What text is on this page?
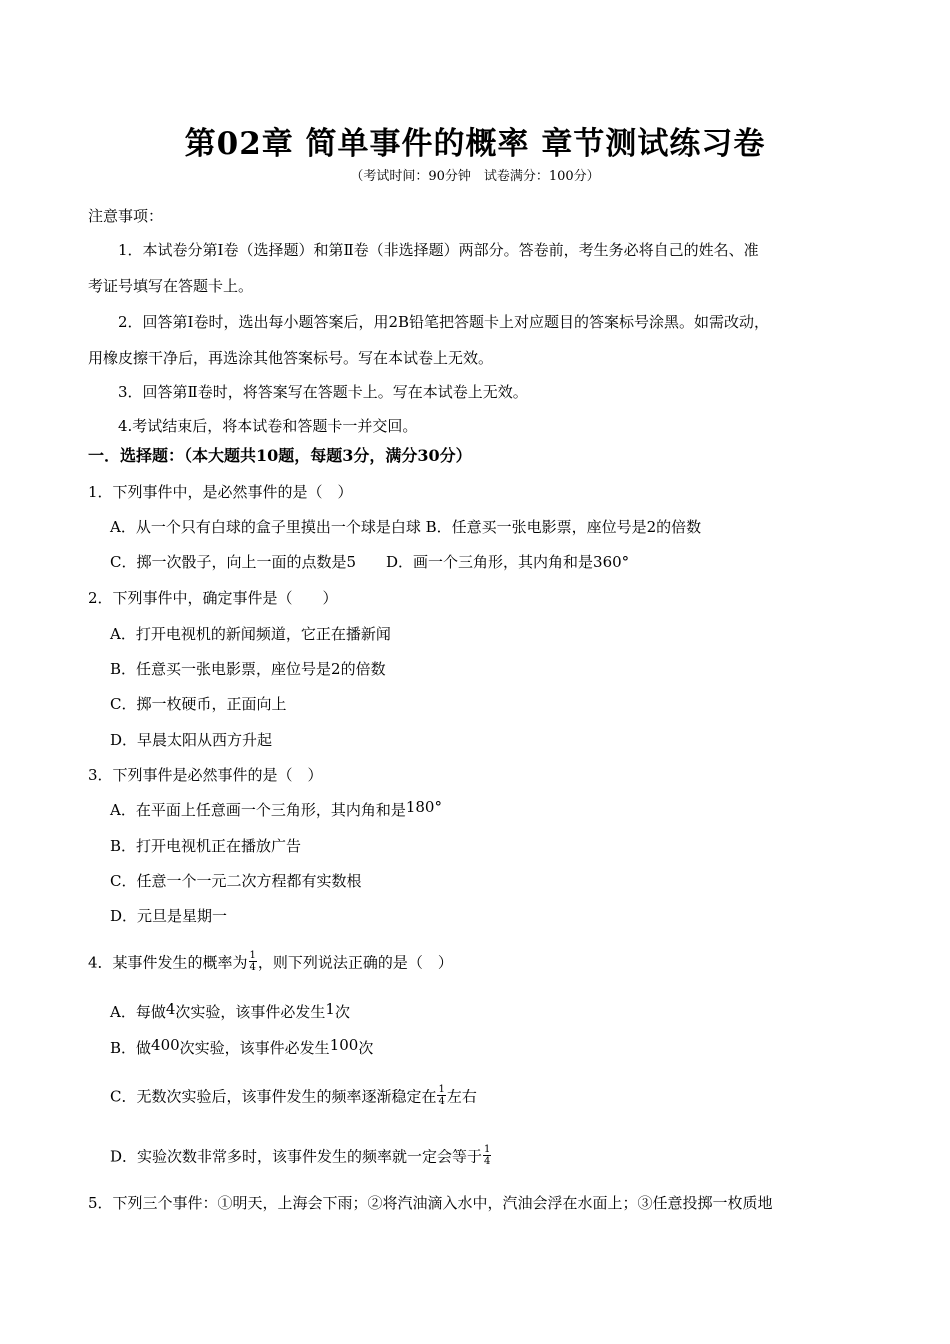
第02章 简单事件的概率 章节测试练习卷
（考试时间：90分钟　试卷满分：100分）
注意事项：
1．本试卷分第Ⅰ卷（选择题）和第Ⅱ卷（非选择题）两部分。答卷前，考生务必将自己的姓名、准
考证号填写在答题卡上。
2．回答第Ⅰ卷时，选出每小题答案后，用2B铅笔把答题卡上对应题目的答案标号涂黑。如需改动，
用橡皮擦干净后，再选涂其他答案标号。写在本试卷上无效。
3．回答第Ⅱ卷时，将答案写在答题卡上。写在本试卷上无效。
4.考试结束后，将本试卷和答题卡一并交回。
一．选择题：（本大题共10题，每题3分，满分30分）
1．下列事件中，是必然事件的是（　）
A．从一个只有白球的盒子里摸出一个球是白球 B．任意买一张电影票，座位号是2的倍数
C．掷一次骰子，向上一面的点数是5　　D．画一个三角形，其内角和是360°
2．下列事件中，确定事件是（　　）
A．打开电视机的新闻频道，它正在播新闻
B．任意买一张电影票，座位号是2的倍数
C．掷一枚硬币，正面向上
D．早晨太阳从西方升起
3．下列事件是必然事件的是（　）
A．在平面上任意画一个三角形，其内角和是180°
B．打开电视机正在播放广告
C．任意一个一元二次方程都有实数根
D．元旦是星期一
4．某事件发生的概率为 $\frac{1}{4}$ ，则下列说法正确的是（　）
A．每做4次实验，该事件必发生1次
B．做400次实验，该事件必发生100次
C．无数次实验后，该事件发生的频率逐渐稳定在 $\frac{1}{4}$ 左右
D．实验次数非常多时，该事件发生的频率就一定会等于 $\frac{1}{4}$
5．下列三个事件：①明天，上海会下雨；②将汽油滴入水中，汽油会浮在水面上；③任意投掷一枚质地
